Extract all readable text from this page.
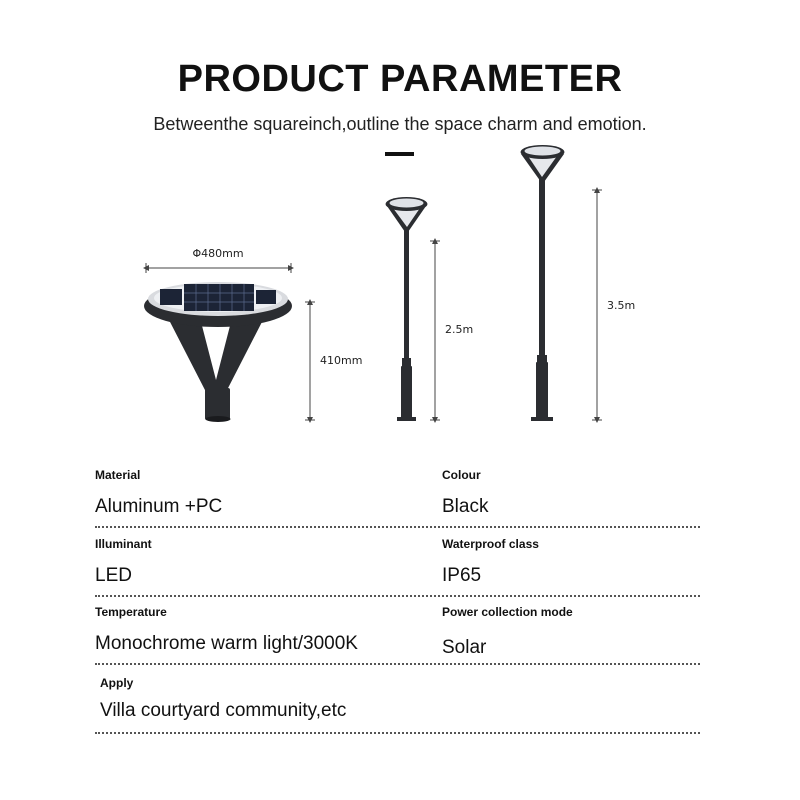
PRODUCT PARAMETER
Betweenthe squareinch,outline the space charm and emotion.
Φ480mm
410mm
2.5m
3.5m
Material
Aluminum +PC
Colour
Black
Illuminant
LED
Waterproof class
IP65
Temperature
Monochrome warm light/3000K
Power collection mode
Solar
Apply
Villa courtyard community,etc
